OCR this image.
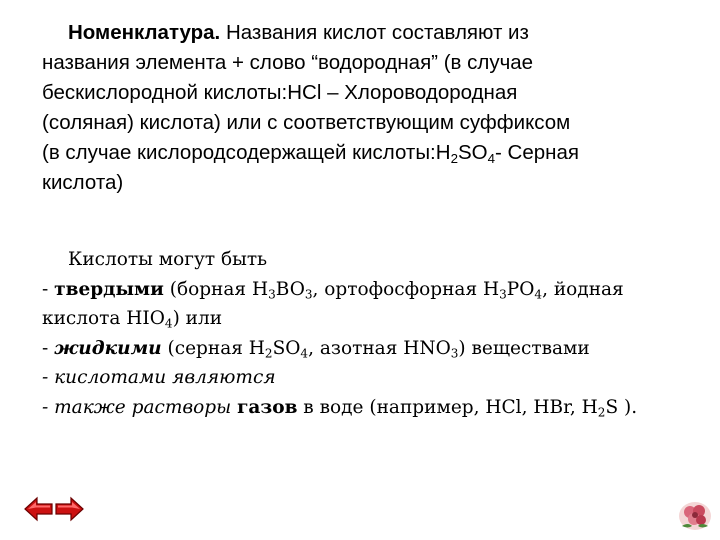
Номенклатура. Названия кислот составляют из
названия элемента + слово “водородная” (в случае
бескислородной кислоты:HCl – Хлороводородная
(соляная) кислота) или с соответствующим суффиксом
(в случае кислородсодержащей $кислоты:H_2SO_4-$ Серная
кислота)
Кислоты могут быть
- твердыми (борная $H_3BO_3$, ортофосфорная $H_3PO_4$, йодная
кислота $HIO_4$) или
- жидкими (серная $H_2SO_4$, азотная $HNO_3$) веществами
- кислотами являются
- также растворы газов в воде (например, HCl, HBr, $H_2S$ ).
